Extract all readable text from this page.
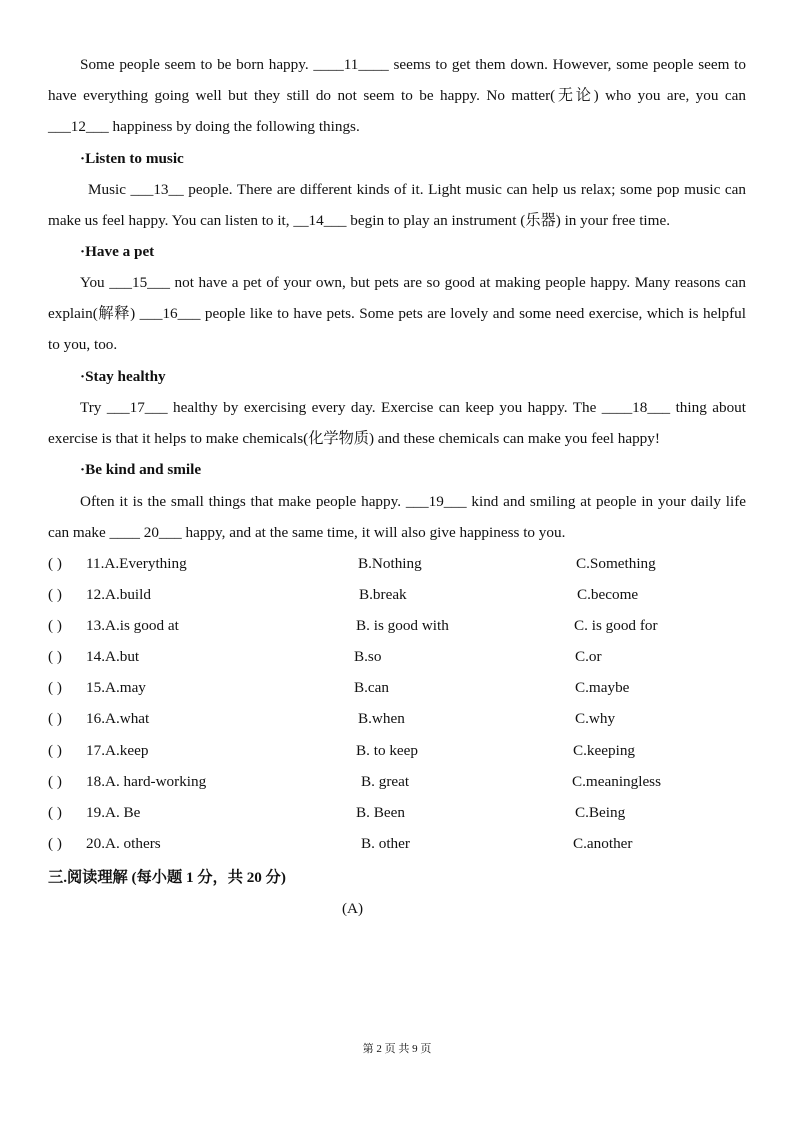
Some people seem to be born happy. ____11____ seems to get them down. However, some people seem to have everything going well but they still do not seem to be happy. No matter(无论) who you are, you can ___12___ happiness by doing the following things.

·Listen to music

Music ___13__ people. There are different kinds of it. Light music can help us relax; some pop music can make us feel happy. You can listen to it, __14___ begin to play an instrument (乐器) in your free time.

·Have a pet

You ___15___ not have a pet of your own, but pets are so good at making people happy. Many reasons can explain(解释) ___16___ people like to have pets. Some pets are lovely and some need exercise, which is helpful to you, too.

·Stay healthy

Try ___17___ healthy by exercising every day. Exercise can keep you happy. The ____18___ thing about exercise is that it helps to make chemicals(化学物质) and these chemicals can make you feel happy!

·Be kind and smile

Often it is the small things that make people happy. ___19___ kind and smiling at people in your daily life can make ____ 20___ happy, and at the same time, it will also give happiness to you.

( ) 11.A.Everything	B.Nothing	C.Something
( ) 12.A.build	B.break	C.become
( ) 13.A.is good at	B. is good with	C. is good for
( ) 14.A.but	B.so	C.or
( ) 15.A.may	B.can	C.maybe
( ) 16.A.what	B.when	C.why
( ) 17.A.keep	B. to keep	C.keeping
( ) 18.A. hard-working	B. great	C.meaningless
( ) 19.A. Be	B. Been	C.Being
( ) 20.A. others	B. other	C.another
三.阅读理解 (每小题 1 分，共 20 分)
(A)
第 2 页 共 9 页
